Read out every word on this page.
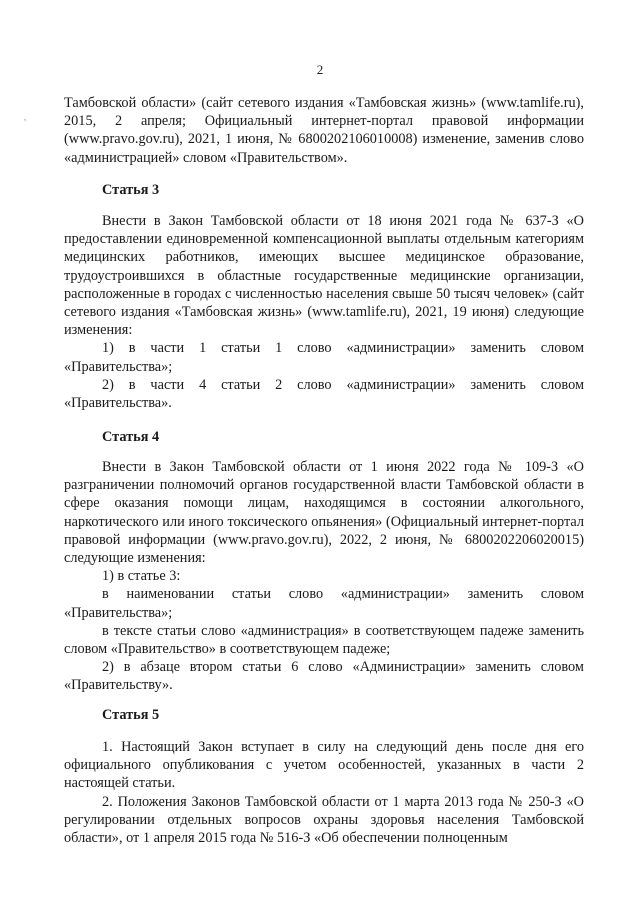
2
,

Тамбовской области» (сайт сетевого издания «Тамбовская жизнь» (www.tamlife.ru), 2015, 2 апреля; Официальный интернет-портал правовой информации (www.pravo.gov.ru), 2021, 1 июня, № 6800202106010008) изменение, заменив слово «администрацией» словом «Правительством».

Статья 3

Внести в Закон Тамбовской области от 18 июня 2021 года № 637-З «О предоставлении единовременной компенсационной выплаты отдельным категориям медицинских работников, имеющих высшее медицинское образование, трудоустроившихся в областные государственные медицинские организации, расположенные в городах с численностью населения свыше 50 тысяч человек» (сайт сетевого издания «Тамбовская жизнь» (www.tamlife.ru), 2021, 19 июня) следующие изменения:

1) в части 1 статьи 1 слово «администрации» заменить словом «Правительства»;

2) в части 4 статьи 2 слово «администрации» заменить словом «Правительства».

Статья 4

Внести в Закон Тамбовской области от 1 июня 2022 года № 109-З «О разграничении полномочий органов государственной власти Тамбовской области в сфере оказания помощи лицам, находящимся в состоянии алкогольного, наркотического или иного токсического опьянения» (Официальный интернет-портал правовой информации (www.pravo.gov.ru), 2022, 2 июня, № 6800202206020015) следующие изменения:

1) в статье 3:

в наименовании статьи слово «администрации» заменить словом «Правительства»;

в тексте статьи слово «администрация» в соответствующем падеже заменить словом «Правительство» в соответствующем падеже;

2) в абзаце втором статьи 6 слово «Администрации» заменить словом «Правительству».

Статья 5

1. Настоящий Закон вступает в силу на следующий день после дня его официального опубликования с учетом особенностей, указанных в части 2 настоящей статьи.

2. Положения Законов Тамбовской области от 1 марта 2013 года № 250-З «О регулировании отдельных вопросов охраны здоровья населения Тамбовской области», от 1 апреля 2015 года № 516-З «Об обеспечении полноценным
